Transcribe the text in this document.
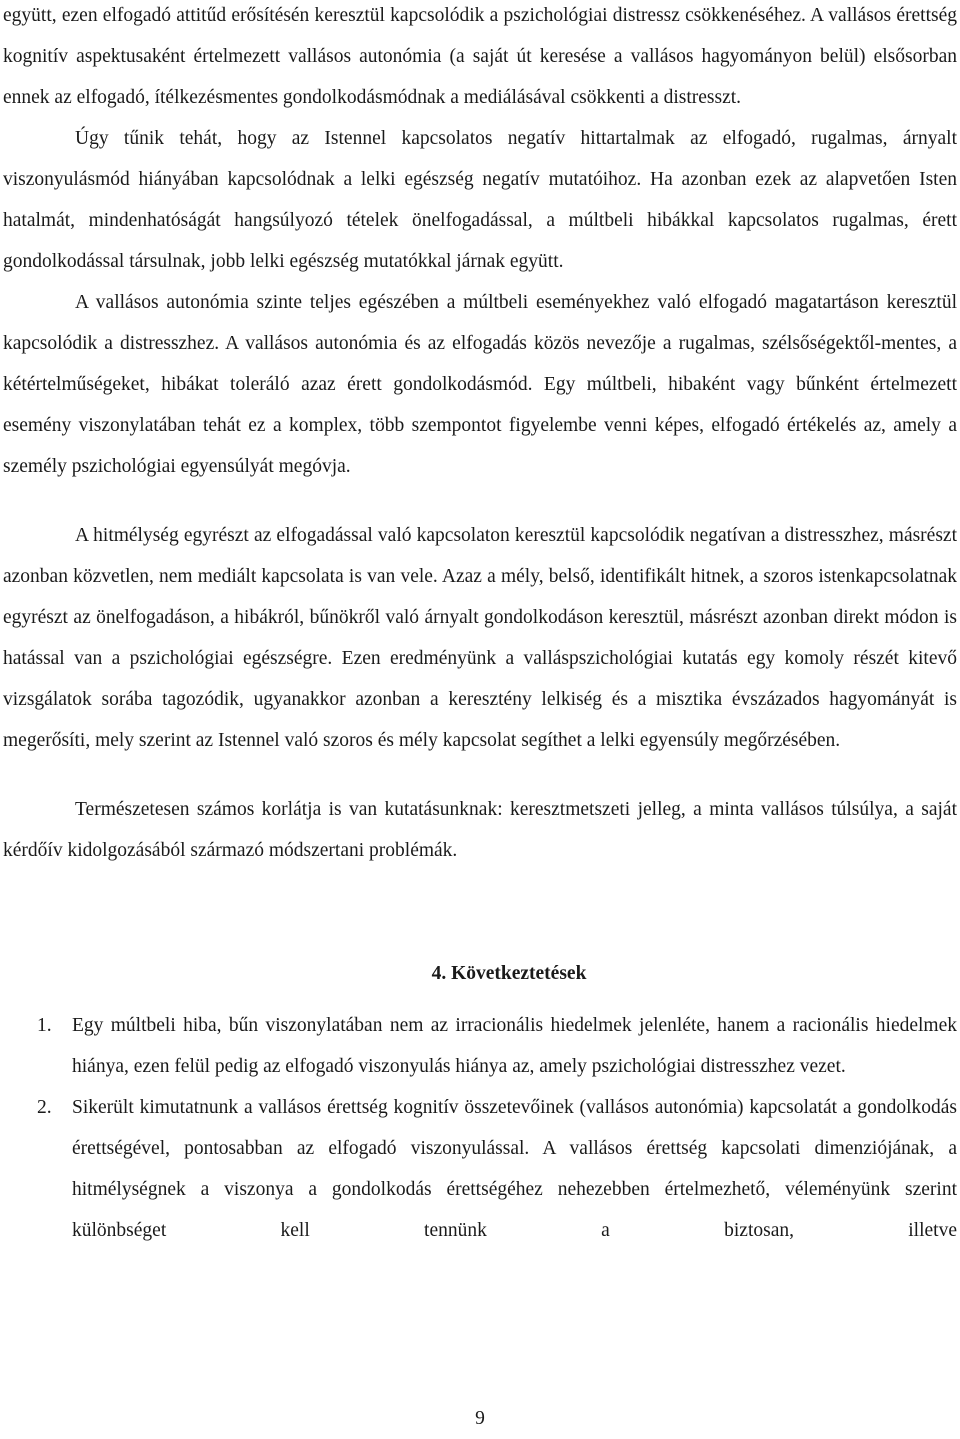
együtt, ezen elfogadó attitűd erősítésén keresztül kapcsolódik a pszichológiai distressz csökkenéséhez. A vallásos érettség kognitív aspektusaként értelmezett vallásos autonómia (a saját út keresése a vallásos hagyományon belül) elsősorban ennek az elfogadó, ítélkezésmentes gondolkodásmódnak a mediálásával csökkenti a distresszt.

Úgy tűnik tehát, hogy az Istennel kapcsolatos negatív hittartalmak az elfogadó, rugalmas, árnyalt viszonyulásmód hiányában kapcsolódnak a lelki egészség negatív mutatóihoz. Ha azonban ezek az alapvetően Isten hatalmát, mindenhatóságát hangsúlyozó tételek önelfogadással, a múltbeli hibákkal kapcsolatos rugalmas, érett gondolkodással társulnak, jobb lelki egészség mutatókkal járnak együtt.

A vallásos autonómia szinte teljes egészében a múltbeli eseményekhez való elfogadó magatartáson keresztül kapcsolódik a distresszhez. A vallásos autonómia és az elfogadás közös nevezője a rugalmas, szélsőségektől-mentes, a kétértelműségeket, hibákat toleráló azaz érett gondolkodásmód. Egy múltbeli, hibaként vagy bűnként értelmezett esemény viszonylatában tehát ez a komplex, több szempontot figyelembe venni képes, elfogadó értékelés az, amely a személy pszichológiai egyensúlyát megóvja.

A hitmélység egyrészt az elfogadással való kapcsolaton keresztül kapcsolódik negatívan a distresszhez, másrészt azonban közvetlen, nem mediált kapcsolata is van vele. Azaz a mély, belső, identifikált hitnek, a szoros istenkapcsolatnak egyrészt az önelfogadáson, a hibákról, bűnökről való árnyalt gondolkodáson keresztül, másrészt azonban direkt módon is hatással van a pszichológiai egészségre. Ezen eredményünk a valláspszichológiai kutatás egy komoly részét kitevő vizsgálatok sorába tagozódik, ugyanakkor azonban a keresztény lelkiség és a misztika évszázados hagyományát is megerősíti, mely szerint az Istennel való szoros és mély kapcsolat segíthet a lelki egyensúly megőrzésében.

Természetesen számos korlátja is van kutatásunknak: keresztmetszeti jelleg, a minta vallásos túlsúlya, a saját kérdőív kidolgozásából származó módszertani problémák.

4. Következtetések
1. Egy múltbeli hiba, bűn viszonylatában nem az irracionális hiedelmek jelenléte, hanem a racionális hiedelmek hiánya, ezen felül pedig az elfogadó viszonyulás hiánya az, amely pszichológiai distresszhez vezet.

2. Sikerült kimutatnunk a vallásos érettség kognitív összetevőinek (vallásos autonómia) kapcsolatát a gondolkodás érettségével, pontosabban az elfogadó viszonyulással. A vallásos érettség kapcsolati dimenziójának, a hitmélységnek a viszonya a gondolkodás érettségéhez nehezebben értelmezhető, véleményünk szerint különbséget kell tennünk a biztosan, illetve

9
